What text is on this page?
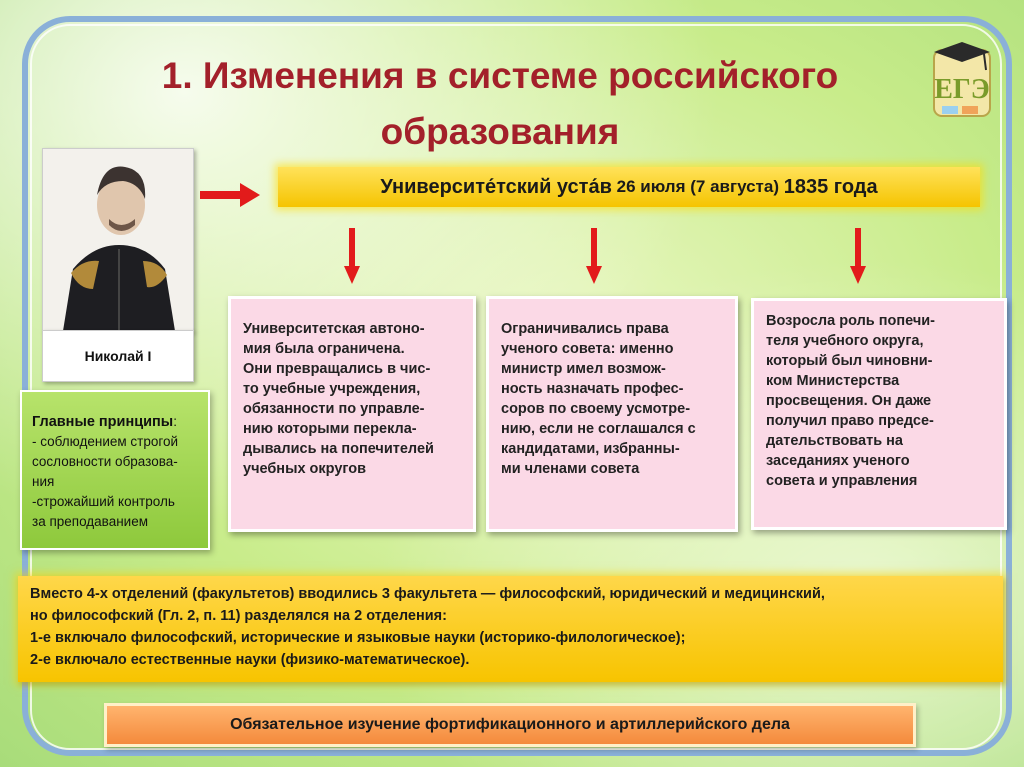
1. Изменения в системе российского образования
ЕГЭ
Николай I
Университе́тский уста́в 26 июля (7 августа) 1835 года
Университетская автоно-
мия была ограничена.
Они превращались в чис-
то учебные учреждения,
обязанности по управле-
нию которыми перекла-
дывались на попечителей
учебных округов
Ограничивались права
ученого совета: именно
министр имел возмож-
ность назначать профес-
соров по своему усмотре-
нию, если не соглашался с
кандидатами, избранны-
ми членами совета
Возросла роль попечи-
теля учебного округа,
который был чиновни-
ком Министерства
просвещения. Он даже
получил право предсе-
дательствовать на
заседаниях ученого
совета и управления
Главные принципы:
- соблюдением строгой
сословности образова-
ния
-строжайший контроль
за преподаванием
Вместо 4-х отделений (факультетов) вводились 3 факультета — философский, юридический и медицинский,
но философский (Гл. 2, п. 11) разделялся на 2 отделения:
1-е включало философский, исторические и языковые науки (историко-филологическое);
2-е включало естественные науки (физико-математическое).
Обязательное изучение фортификационного и артиллерийского дела
